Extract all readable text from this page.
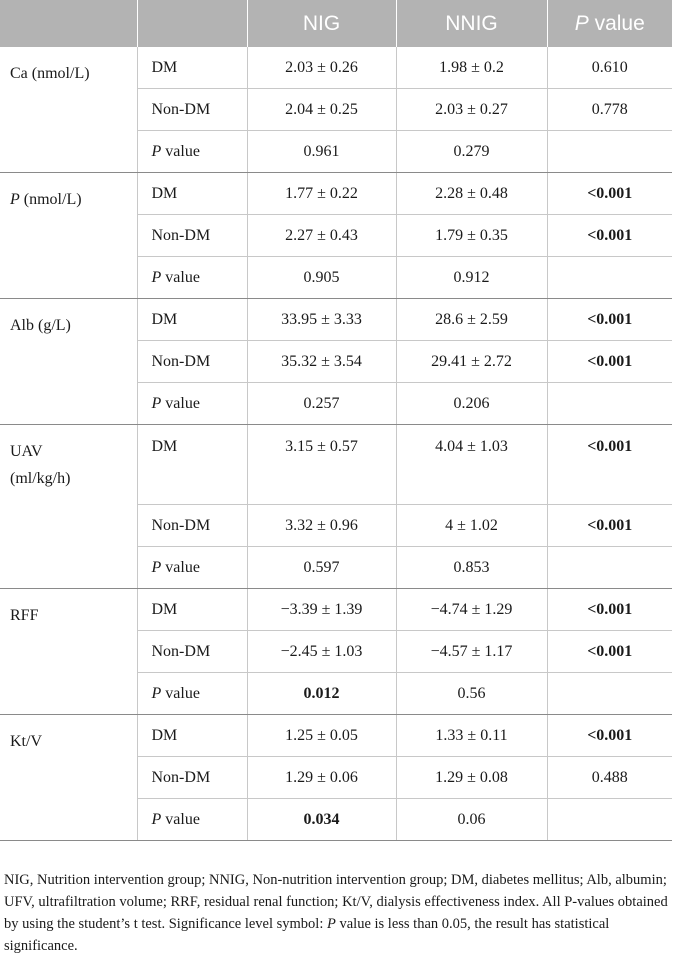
		NIG	NNIG	P value
Ca (nmol/L)	DM	2.03 ± 0.26	1.98 ± 0.2	0.610
	Non-DM	2.04 ± 0.25	2.03 ± 0.27	0.778
	P value	0.961	0.279	
P (nmol/L)	DM	1.77 ± 0.22	2.28 ± 0.48	<0.001
	Non-DM	2.27 ± 0.43	1.79 ± 0.35	<0.001
	P value	0.905	0.912	
Alb (g/L)	DM	33.95 ± 3.33	28.6 ± 2.59	<0.001
	Non-DM	35.32 ± 3.54	29.41 ± 2.72	<0.001
	P value	0.257	0.206	
UAV
(ml/kg/h)	DM	3.15 ± 0.57	4.04 ± 1.03	<0.001
	Non-DM	3.32 ± 0.96	4 ± 1.02	<0.001
	P value	0.597	0.853	
RFF	DM	−3.39 ± 1.39	−4.74 ± 1.29	<0.001
	Non-DM	−2.45 ± 1.03	−4.57 ± 1.17	<0.001
	P value	0.012	0.56	
Kt/V	DM	1.25 ± 0.05	1.33 ± 0.11	<0.001
	Non-DM	1.29 ± 0.06	1.29 ± 0.08	0.488
	P value	0.034	0.06	

NIG, Nutrition intervention group; NNIG, Non-nutrition intervention group; DM, diabetes mellitus; Alb, albumin; UFV, ultrafiltration volume; RRF, residual renal function; Kt/V, dialysis effectiveness index. All P-values obtained by using the student’s t test. Significance level symbol: P value is less than 0.05, the result has statistical significance.
